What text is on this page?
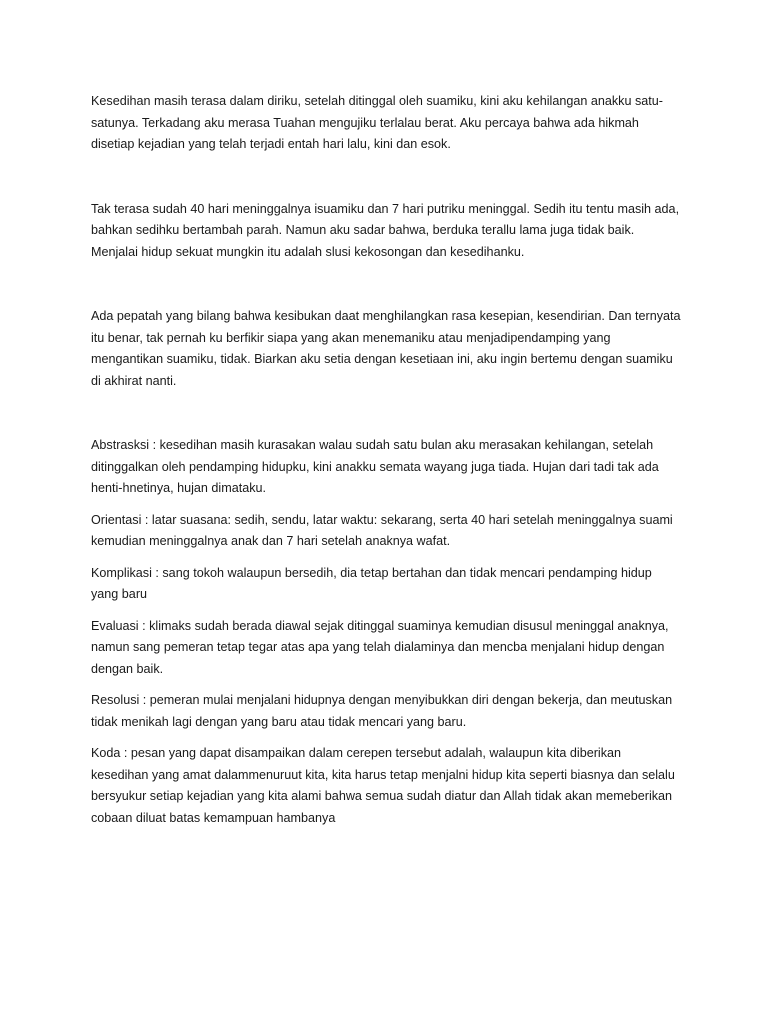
Kesedihan masih terasa dalam diriku, setelah ditinggal oleh suamiku, kini aku kehilangan anakku satu-satunya. Terkadang aku merasa Tuahan mengujiku terlalau berat. Aku percaya bahwa ada hikmah disetiap kejadian yang telah terjadi entah hari lalu, kini dan esok.

Tak terasa sudah 40 hari meninggalnya isuamiku dan 7 hari putriku meninggal. Sedih itu tentu masih ada, bahkan sedihku bertambah parah. Namun aku sadar bahwa, berduka terallu lama juga tidak baik. Menjalai hidup sekuat mungkin itu adalah slusi kekosongan dan kesedihanku.

Ada pepatah yang bilang bahwa kesibukan daat menghilangkan rasa kesepian, kesendirian. Dan ternyata itu benar, tak pernah ku berfikir siapa yang akan menemaniku atau menjadipendamping yang mengantikan suamiku, tidak. Biarkan aku setia dengan kesetiaan ini, aku ingin bertemu dengan suamiku di akhirat nanti.

Abstrasksi : kesedihan masih kurasakan walau sudah satu bulan aku merasakan kehilangan, setelah ditinggalkan oleh pendamping hidupku, kini anakku semata wayang juga tiada. Hujan dari tadi tak ada henti-hnetinya, hujan dimataku.

Orientasi : latar suasana: sedih, sendu, latar waktu: sekarang, serta 40 hari setelah meninggalnya suami kemudian meninggalnya anak dan 7 hari setelah anaknya wafat.

Komplikasi : sang tokoh walaupun bersedih, dia tetap bertahan dan tidak mencari pendamping hidup yang baru

Evaluasi : klimaks sudah berada diawal sejak ditinggal suaminya kemudian disusul meninggal anaknya, namun sang pemeran tetap tegar atas apa yang telah dialaminya dan mencba menjalani hidup dengan dengan baik.

Resolusi : pemeran mulai menjalani hidupnya dengan menyibukkan diri dengan bekerja, dan meutuskan tidak menikah lagi dengan yang baru atau tidak mencari yang baru.

Koda : pesan yang dapat disampaikan dalam cerepen tersebut adalah, walaupun kita diberikan kesedihan yang amat dalammenuruut kita, kita harus tetap menjalni hidup kita seperti biasnya dan selalu bersyukur setiap kejadian yang kita alami bahwa semua sudah diatur dan Allah tidak akan memeberikan cobaan diluat batas kemampuan hambanya
